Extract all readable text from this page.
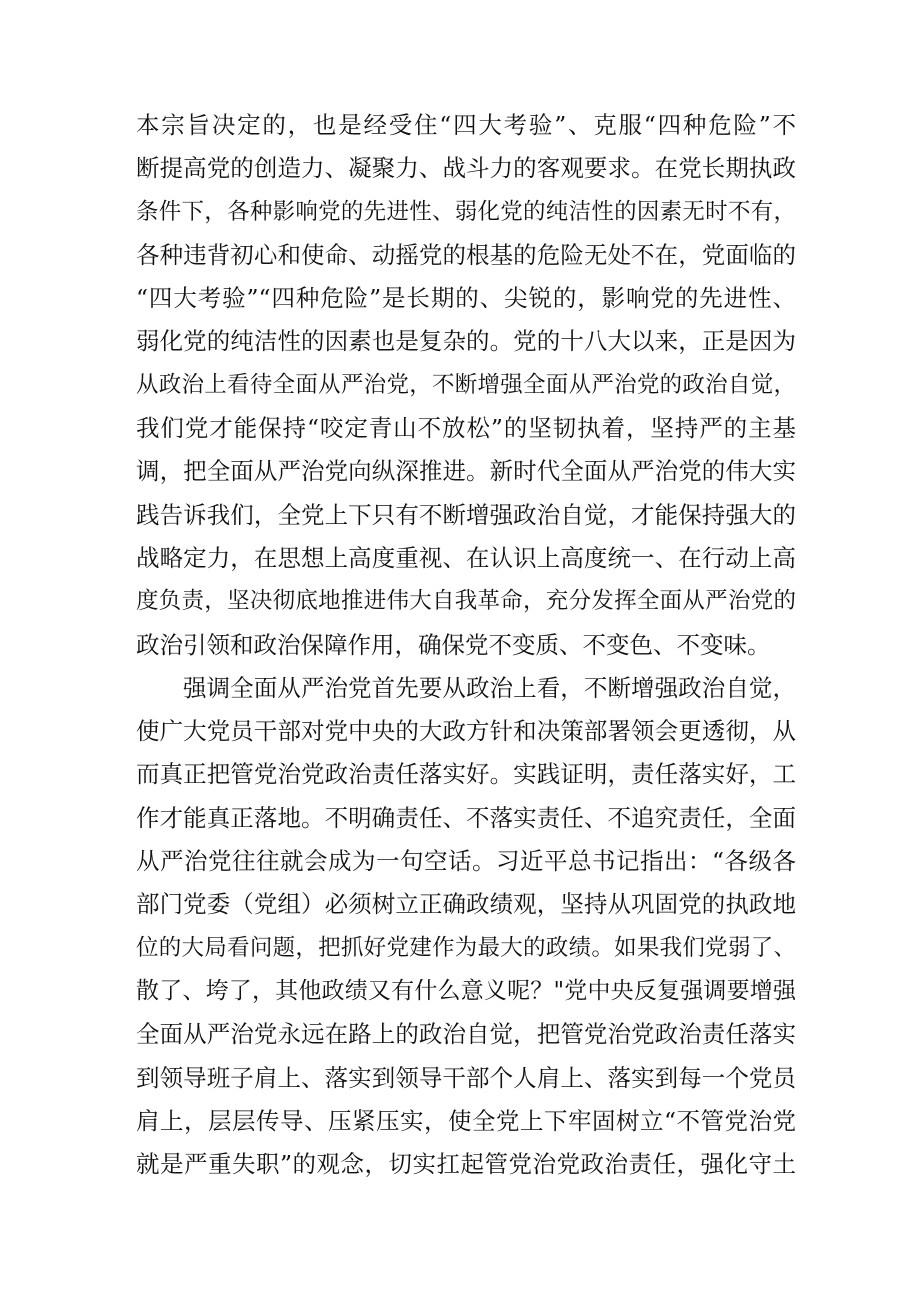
本宗旨决定的，也是经受住“四大考验”、克服“四种危险”不
断提高党的创造力、凝聚力、战斗力的客观要求。在党长期执政
条件下，各种影响党的先进性、弱化党的纯洁性的因素无时不有，
各种违背初心和使命、动摇党的根基的危险无处不在，党面临的
“四大考验”“四种危险”是长期的、尖锐的，影响党的先进性、
弱化党的纯洁性的因素也是复杂的。党的十八大以来，正是因为
从政治上看待全面从严治党，不断增强全面从严治党的政治自觉，
我们党才能保持“咬定青山不放松”的坚韧执着，坚持严的主基
调，把全面从严治党向纵深推进。新时代全面从严治党的伟大实
践告诉我们，全党上下只有不断增强政治自觉，才能保持强大的
战略定力，在思想上高度重视、在认识上高度统一、在行动上高
度负责，坚决彻底地推进伟大自我革命，充分发挥全面从严治党的
政治引领和政治保障作用，确保党不变质、不变色、不变味。
强调全面从严治党首先要从政治上看，不断增强政治自觉，
使广大党员干部对党中央的大政方针和决策部署领会更透彻，从
而真正把管党治党政治责任落实好。实践证明，责任落实好，工
作才能真正落地。不明确责任、不落实责任、不追究责任，全面
从严治党往往就会成为一句空话。习近平总书记指出：“各级各
部门党委（党组）必须树立正确政绩观，坚持从巩固党的执政地
位的大局看问题，把抓好党建作为最大的政绩。如果我们党弱了、
散了、垮了，其他政绩又有什么意义呢？"党中央反复强调要增强
全面从严治党永远在路上的政治自觉，把管党治党政治责任落实
到领导班子肩上、落实到领导干部个人肩上、落实到每一个党员
肩上，层层传导、压紧压实，使全党上下牢固树立“不管党治党
就是严重失职”的观念，切实扛起管党治党政治责任，强化守土
